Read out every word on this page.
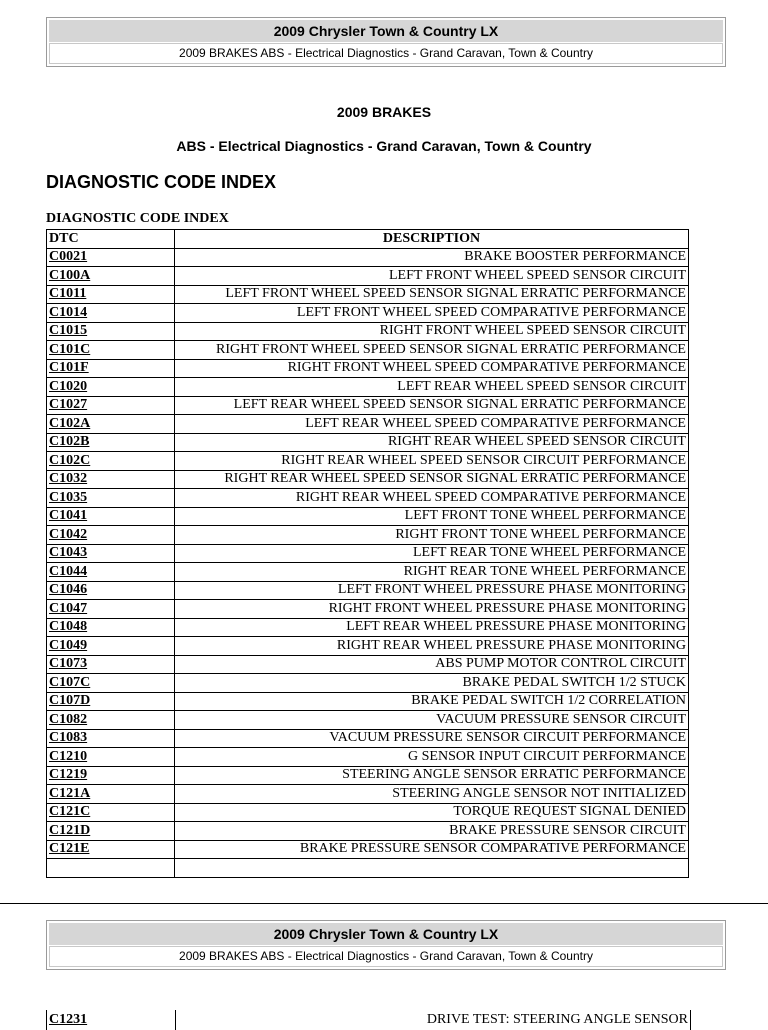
2009 Chrysler Town & Country LX
2009 BRAKES ABS - Electrical Diagnostics - Grand Caravan, Town & Country
2009 BRAKES
ABS - Electrical Diagnostics - Grand Caravan, Town & Country
DIAGNOSTIC CODE INDEX
DIAGNOSTIC CODE INDEX
DTC	DESCRIPTION
C0021	BRAKE BOOSTER PERFORMANCE
C100A	LEFT FRONT WHEEL SPEED SENSOR CIRCUIT
C1011	LEFT FRONT WHEEL SPEED SENSOR SIGNAL ERRATIC PERFORMANCE
C1014	LEFT FRONT WHEEL SPEED COMPARATIVE PERFORMANCE
C1015	RIGHT FRONT WHEEL SPEED SENSOR CIRCUIT
C101C	RIGHT FRONT WHEEL SPEED SENSOR SIGNAL ERRATIC PERFORMANCE
C101F	RIGHT FRONT WHEEL SPEED COMPARATIVE PERFORMANCE
C1020	LEFT REAR WHEEL SPEED SENSOR CIRCUIT
C1027	LEFT REAR WHEEL SPEED SENSOR SIGNAL ERRATIC PERFORMANCE
C102A	LEFT REAR WHEEL SPEED COMPARATIVE PERFORMANCE
C102B	RIGHT REAR WHEEL SPEED SENSOR CIRCUIT
C102C	RIGHT REAR WHEEL SPEED SENSOR CIRCUIT PERFORMANCE
C1032	RIGHT REAR WHEEL SPEED SENSOR SIGNAL ERRATIC PERFORMANCE
C1035	RIGHT REAR WHEEL SPEED COMPARATIVE PERFORMANCE
C1041	LEFT FRONT TONE WHEEL PERFORMANCE
C1042	RIGHT FRONT TONE WHEEL PERFORMANCE
C1043	LEFT REAR TONE WHEEL PERFORMANCE
C1044	RIGHT REAR TONE WHEEL PERFORMANCE
C1046	LEFT FRONT WHEEL PRESSURE PHASE MONITORING
C1047	RIGHT FRONT WHEEL PRESSURE PHASE MONITORING
C1048	LEFT REAR WHEEL PRESSURE PHASE MONITORING
C1049	RIGHT REAR WHEEL PRESSURE PHASE MONITORING
C1073	ABS PUMP MOTOR CONTROL CIRCUIT
C107C	BRAKE PEDAL SWITCH 1/2 STUCK
C107D	BRAKE PEDAL SWITCH 1/2 CORRELATION
C1082	VACUUM PRESSURE SENSOR CIRCUIT
C1083	VACUUM PRESSURE SENSOR CIRCUIT PERFORMANCE
C1210	G SENSOR INPUT CIRCUIT PERFORMANCE
C1219	STEERING ANGLE SENSOR ERRATIC PERFORMANCE
C121A	STEERING ANGLE SENSOR NOT INITIALIZED
C121C	TORQUE REQUEST SIGNAL DENIED
C121D	BRAKE PRESSURE SENSOR CIRCUIT
C121E	BRAKE PRESSURE SENSOR COMPARATIVE PERFORMANCE

2009 Chrysler Town & Country LX
2009 BRAKES ABS - Electrical Diagnostics - Grand Caravan, Town & Country
C1231	DRIVE TEST: STEERING ANGLE SENSOR
